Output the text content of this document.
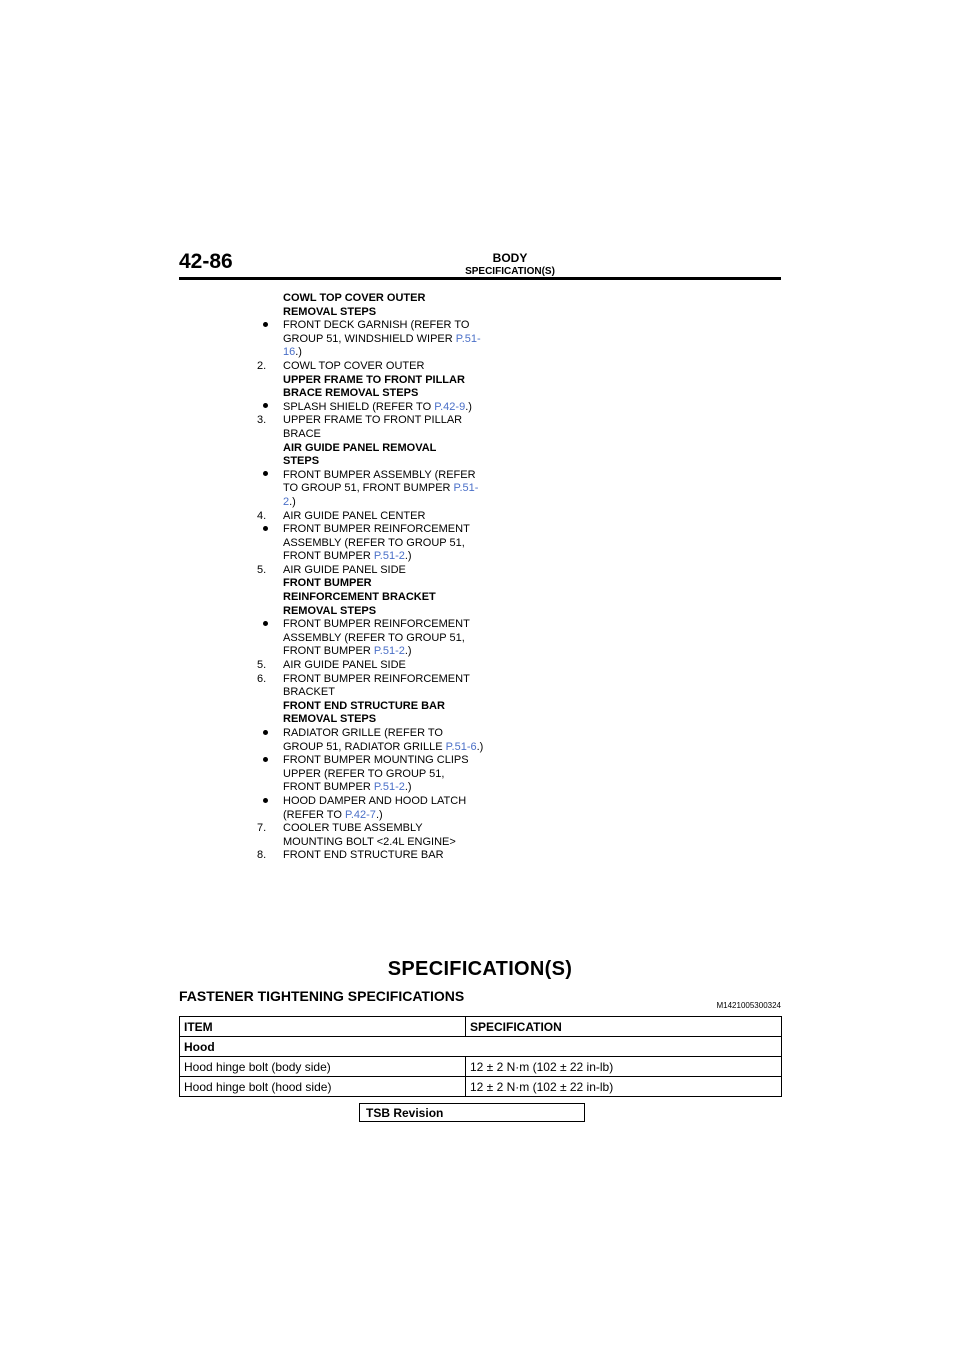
42-86	BODY
SPECIFICATION(S)
COWL TOP COVER OUTER
REMOVAL STEPS
FRONT DECK GARNISH (REFER TO GROUP 51, WINDSHIELD WIPER P.51-16.)
2.	COWL TOP COVER OUTER
UPPER FRAME TO FRONT PILLAR
BRACE REMOVAL STEPS
SPLASH SHIELD (REFER TO P.42-9.)
3.	UPPER FRAME TO FRONT PILLAR BRACE
AIR GUIDE PANEL REMOVAL
STEPS
FRONT BUMPER ASSEMBLY (REFER TO GROUP 51, FRONT BUMPER P.51-2.)
4.	AIR GUIDE PANEL CENTER
FRONT BUMPER REINFORCEMENT ASSEMBLY (REFER TO GROUP 51, FRONT BUMPER P.51-2.)
5.	AIR GUIDE PANEL SIDE
FRONT BUMPER
REINFORCEMENT BRACKET
REMOVAL STEPS
FRONT BUMPER REINFORCEMENT ASSEMBLY (REFER TO GROUP 51, FRONT BUMPER P.51-2.)
5.	AIR GUIDE PANEL SIDE
6.	FRONT BUMPER REINFORCEMENT BRACKET
FRONT END STRUCTURE BAR
REMOVAL STEPS
RADIATOR GRILLE (REFER TO GROUP 51, RADIATOR GRILLE P.51-6.)
FRONT BUMPER MOUNTING CLIPS UPPER (REFER TO GROUP 51, FRONT BUMPER P.51-2.)
HOOD DAMPER AND HOOD LATCH (REFER TO P.42-7.)
7.	COOLER TUBE ASSEMBLY MOUNTING BOLT <2.4L ENGINE>
8.	FRONT END STRUCTURE BAR
SPECIFICATION(S)
FASTENER TIGHTENING SPECIFICATIONS
M1421005300324
ITEM	SPECIFICATION
Hood	
Hood hinge bolt (body side)	12 ± 2 N·m (102 ± 22 in-lb)
Hood hinge bolt (hood side)	12 ± 2 N·m (102 ± 22 in-lb)
TSB Revision
